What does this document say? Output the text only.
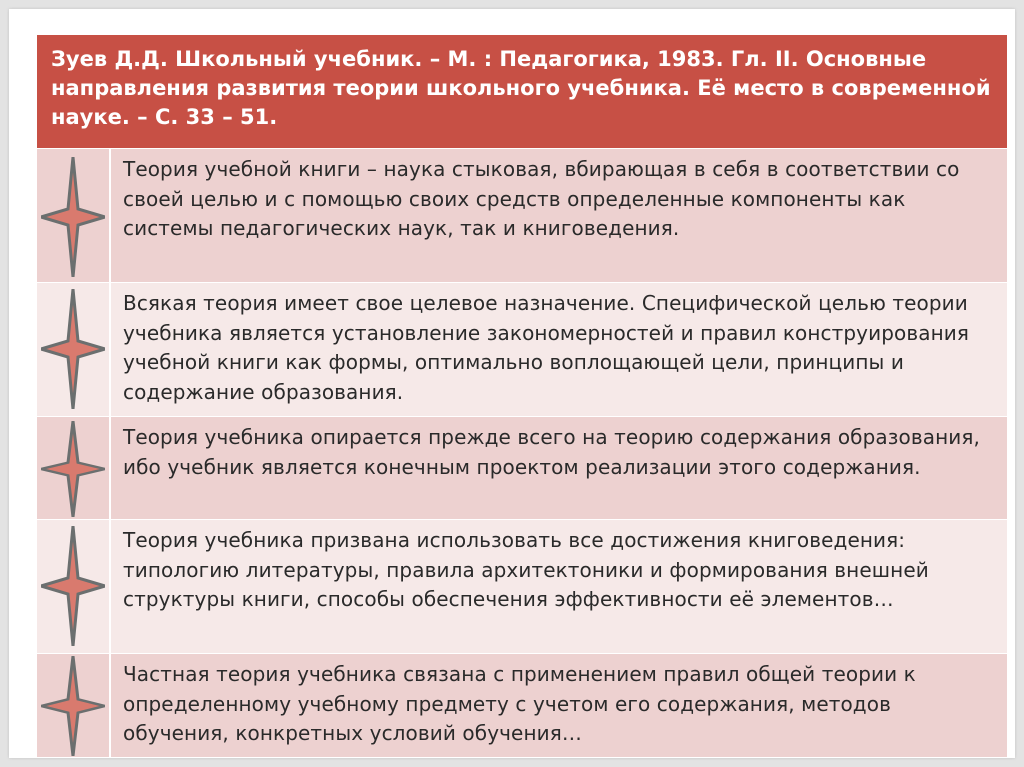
Зуев Д.Д. Школьный учебник. – М. : Педагогика, 1983. Гл. II. Основные направления развития теории школьного учебника. Её место в современной науке. – С. 33 – 51.
Теория учебной книги – наука стыковая, вбирающая в себя в соответствии со своей целью и с помощью своих средств определенные компоненты как системы педагогических наук, так и книговедения.
Всякая теория имеет свое целевое назначение. Специфической целью теории учебника является установление закономерностей и правил конструирования учебной книги как формы, оптимально воплощающей цели, принципы и содержание образования.
Теория учебника опирается прежде всего на теорию содержания образования, ибо учебник является конечным проектом реализации этого содержания.
Теория учебника призвана использовать все достижения книговедения: типологию литературы, правила архитектоники и формирования внешней структуры книги, способы обеспечения эффективности её элементов…
Частная теория учебника связана с применением правил общей теории к определенному учебному предмету с учетом его содержания, методов обучения, конкретных условий обучения…
